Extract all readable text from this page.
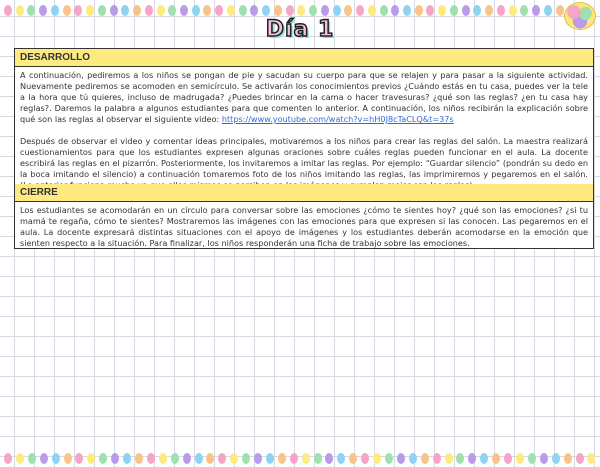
Día 1
DESARROLLO

A continuación, pediremos a los niños se pongan de pie y sacudan su cuerpo para que se relajen y para pasar a la siguiente actividad. Nuevamente pediremos se acomoden en semicírculo. Se activarán los conocimientos previos ¿Cuándo estás en tu casa, puedes ver la tele a la hora que tú quieres, incluso de madrugada? ¿Puedes brincar en la cama o hacer travesuras? ¿qué son las reglas? ¿en tu casa hay reglas?. Daremos la palabra a algunos estudiantes para que comenten lo anterior. A continuación, los niños recibirán la explicación sobre qué son las reglas al observar el siguiente video: https://www.youtube.com/watch?v=hH0J8cTaCLQ&t=37s

Después de observar el video y comentar ideas principales, motivaremos a los niños para crear las reglas del salón. La maestra realizará cuestionamientos para que los estudiantes expresen algunas oraciones sobre cuáles reglas pueden funcionar en el aula. La docente escribirá las reglas en el pizarrón. Posteriormente, los invitaremos a imitar las reglas. Por ejemplo: “Guardar silencio” (pondrán su dedo en la boca imitando el silencio) a continuación tomaremos foto de los niños imitando las reglas, las imprimiremos y pegaremos en el salón.

CIERRE

Los estudiantes se acomodarán en un círculo para conversar sobre las emociones ¿cómo te sientes hoy? ¿qué son las emociones? ¿si tu mamá te regaña, cómo te sientes? Mostraremos las imágenes con las emociones para que expresen si las conocen. Las pegaremos en el aula. La docente expresará distintas situaciones con el apoyo de imágenes y los estudiantes deberán acomodarse en la emoción que sienten respecto a la situación. Para finalizar, los niños responderán una ficha de trabajo sobre las emociones.
